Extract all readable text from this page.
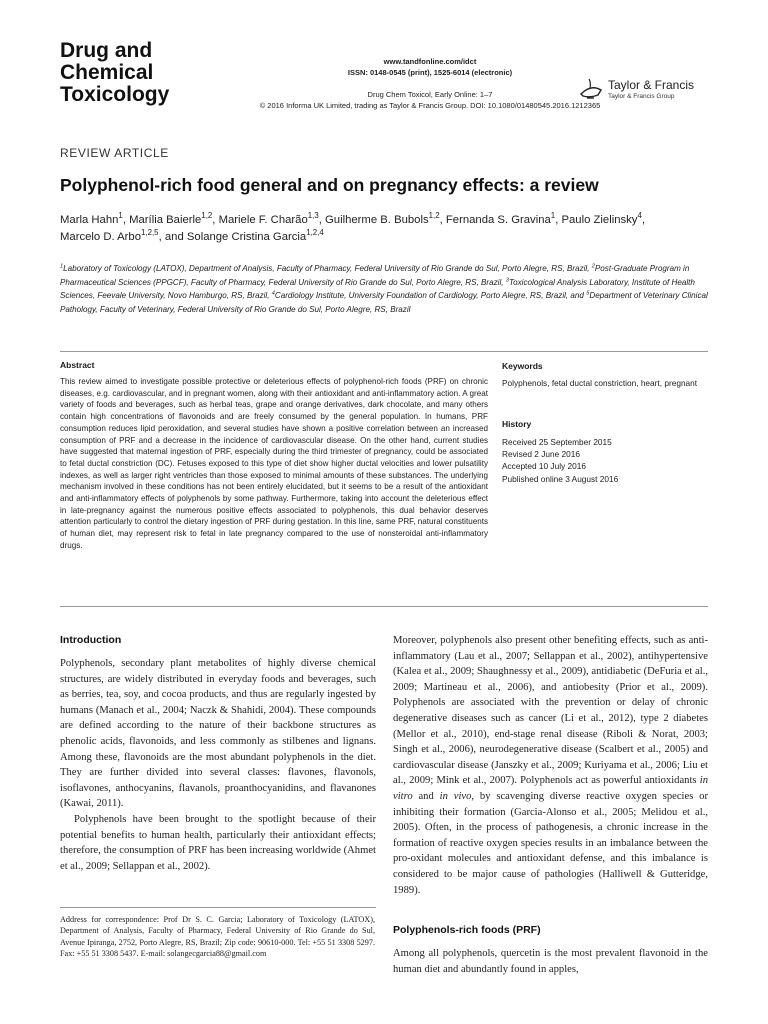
Drug and
Chemical
Toxicology
www.tandfonline.com/idct
ISSN: 0148-0545 (print), 1525-6014 (electronic)
Drug Chem Toxicol, Early Online: 1–7
© 2016 Informa UK Limited, trading as Taylor & Francis Group. DOI: 10.1080/01480545.2016.1212365
Taylor & Francis
Taylor & Francis Group
REVIEW ARTICLE
Polyphenol-rich food general and on pregnancy effects: a review
Marla Hahn$^1$, Marília Baierle$^{1,2}$, Mariele F. Charão$^{1,3}$, Guilherme B. Bubols$^{1,2}$, Fernanda S. Gravina$^1$, Paulo Zielinsky$^4$,
Marcelo D. Arbo$^{1,2,5}$, and Solange Cristina Garcia$^{1,2,4}$
$^1$Laboratory of Toxicology (LATOX), Department of Analysis, Faculty of Pharmacy, Federal University of Rio Grande do Sul, Porto Alegre, RS, Brazil, $^2$Post-Graduate Program in Pharmaceutical Sciences (PPGCF), Faculty of Pharmacy, Federal University of Rio Grande do Sul, Porto Alegre, RS, Brazil, $^3$Toxicological Analysis Laboratory, Institute of Health Sciences, Feevale University, Novo Hamburgo, RS, Brazil, $^4$Cardiology Institute, University Foundation of Cardiology, Porto Alegre, RS, Brazil, and $^5$Department of Veterinary Clinical Pathology, Faculty of Veterinary, Federal University of Rio Grande do Sul, Porto Alegre, RS, Brazil
Abstract
This review aimed to investigate possible protective or deleterious effects of polyphenol-rich foods (PRF) on chronic diseases, e.g. cardiovascular, and in pregnant women, along with their antioxidant and anti-inflammatory action. A great variety of foods and beverages, such as herbal teas, grape and orange derivatives, dark chocolate, and many others contain high concentrations of flavonoids and are freely consumed by the general population. In humans, PRF consumption reduces lipid peroxidation, and several studies have shown a positive correlation between an increased consumption of PRF and a decrease in the incidence of cardiovascular disease. On the other hand, current studies have suggested that maternal ingestion of PRF, especially during the third trimester of pregnancy, could be associated to fetal ductal constriction (DC). Fetuses exposed to this type of diet show higher ductal velocities and lower pulsatility indexes, as well as larger right ventricles than those exposed to minimal amounts of these substances. The underlying mechanism involved in these conditions has not been entirely elucidated, but it seems to be a result of the antioxidant and anti-inflammatory effects of polyphenols by some pathway. Furthermore, taking into account the deleterious effect in late-pregnancy against the numerous positive effects associated to polyphenols, this dual behavior deserves attention particularly to control the dietary ingestion of PRF during gestation. In this line, same PRF, natural constituents of human diet, may represent risk to fetal in late pregnancy compared to the use of nonsteroidal anti-inflammatory drugs.
Keywords
Polyphenols, fetal ductal constriction, heart, pregnant
History
Received 25 September 2015
Revised 2 June 2016
Accepted 10 July 2016
Published online 3 August 2016
Introduction

Polyphenols, secondary plant metabolites of highly diverse chemical structures, are widely distributed in everyday foods and beverages, such as berries, tea, soy, and cocoa products, and thus are regularly ingested by humans (Manach et al., 2004; Naczk & Shahidi, 2004). These compounds are defined according to the nature of their backbone structures as phenolic acids, flavonoids, and less commonly as stilbenes and lignans. Among these, flavonoids are the most abundant polyphenols in the diet. They are further divided into several classes: flavones, flavonols, isoflavones, anthocyanins, flavanols, proanthocyanidins, and flavanones (Kawai, 2011).

Polyphenols have been brought to the spotlight because of their potential benefits to human health, particularly their antioxidant effects; therefore, the consumption of PRF has been increasing worldwide (Ahmet et al., 2009; Sellappan et al., 2002).

Address for correspondence: Prof Dr S. C. Garcia; Laboratory of Toxicology (LATOX), Department of Analysis, Faculty of Pharmacy, Federal University of Rio Grande do Sul, Avenue Ipiranga, 2752, Porto Alegre, RS, Brazil; Zip code: 90610-000. Tel: +55 51 3308 5297. Fax: +55 51 3308 5437. E-mail: solangecgarcia88@gmail.com

Moreover, polyphenols also present other benefiting effects, such as anti-inflammatory (Lau et al., 2007; Sellappan et al., 2002), antihypertensive (Kalea et al., 2009; Shaughnessy et al., 2009), antidiabetic (DeFuria et al., 2009; Martineau et al., 2006), and antiobesity (Prior et al., 2009). Polyphenols are associated with the prevention or delay of chronic degenerative diseases such as cancer (Li et al., 2012), type 2 diabetes (Mellor et al., 2010), end-stage renal disease (Riboli & Norat, 2003; Singh et al., 2006), neurodegenerative disease (Scalbert et al., 2005) and cardiovascular disease (Janszky et al., 2009; Kuriyama et al., 2006; Liu et al., 2009; Mink et al., 2007). Polyphenols act as powerful antioxidants in vitro and in vivo, by scavenging diverse reactive oxygen species or inhibiting their formation (Garcia-Alonso et al., 2005; Melidou et al., 2005). Often, in the process of pathogenesis, a chronic increase in the formation of reactive oxygen species results in an imbalance between the pro-oxidant molecules and antioxidant defense, and this imbalance is considered to be major cause of pathologies (Halliwell & Gutteridge, 1989).

Polyphenols-rich foods (PRF)

Among all polyphenols, quercetin is the most prevalent flavonoid in the human diet and abundantly found in apples,
